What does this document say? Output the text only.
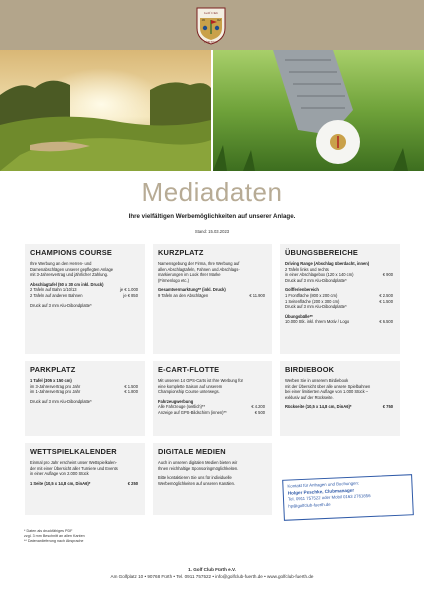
Golf Club
19	62
FÜRTH E.V.
Mediadaten
Ihre vielfältigen Werbemöglichkeiten auf unserer Anlage.
Stand: 15.03.2023
CHAMPIONS COURSE
Ihre Werbung an den Herren- und
Damenabschlägen unserer gepflegten Anlage
mit 3-Jahresvertrag und jährlicher Zahlung.
Abschlagtafel (50 x 30 cm inkl. Druck)
2 Tafeln auf Bahn 1/10/13	je € 1.000
2 Tafeln auf anderen Bahnen	je € 850
Druck auf 3 mm Alu-Dibondplatte*
KURZPLATZ
Namensgebung der Firma, Ihre Werbung auf
allen Abschlagtafeln, Fahnen und Abschlags-
markierungen im Look Ihrer Marke
(Firmenlogo etc.)
Gesamtvermarktung** (inkl. Druck)
9 Tafeln an den Abschlägen	€ 11.900
ÜBUNGSBEREICHE
Driving Range (Abschlag überdacht, innen)
2 Tafeln links und rechts
in einer Abschlagebox (120 x 140 cm)	€ 900
Druck auf 3 mm Alu-Dibondplatte*
Golfferienbereich
1 Frontfläche (800 x 200 cm)	€ 2.500
1 Seitenfläche (200 x 300 cm)	€ 1.500
Druck auf 3 mm Alu-Dibondplatte*
Übungsbälle**
10.000 Stk. inkl. Ihrem Motiv / Logo	€ 6.500
PARKPLATZ
1 Tafel (305 x 150 cm)
im 3-Jahresvertrag pro Jahr	€ 1.500
im 1-Jahresvertrag pro Jahr	€ 1.800
Druck auf 3 mm Alu-Dibondplatte*
E-CART-FLOTTE
Mit unseren 14 GPS-Carts ist Ihre Werbung für
eine komplette Saison auf unserem
Championship Course unterwegs.
Fahrzeugwerbung
Alle Fahrzeuge (seitlich)**	€ 4.200
Anzeige auf GPS-Bildschirm (innen)**	€ 500
BIRDIEBOOK
Werben Sie in unserem Birdiebook
mit der Übersicht über alle unsere Spielbahnen
bei einer limitierten Auflage von 1.000 Stück –
exklusiv auf der Rückseite.
Rückseite (10,5 x 14,8 cm, DinA6)*	€ 750
WETTSPIELKALENDER
Einmal pro Jahr erscheint unser Wettspielkalen-
der mit einer Übersicht aller Turniere und Events
in einer Auflage von 2.000 Stück
1 Seite (10,5 x 14,8 cm, DinA6)*	€ 250
DIGITALE MEDIEN
Auch in unseren digitalen Medien bieten wir
Ihnen reichhaltige Sponsoringmöglichkeiten.
Bitte kontaktieren Sie uns für individuelle
Werbemöglichkeiten auf unseren Kanälen.	Kontakt für Anfragen und Buchungen:
Holger Peschke, Clubmanager
Tel. 0911 757522 oder Mobil 0163 2761856
hp@golfclub-fuerth.de
* Daten als druckfähiges PDF
zzgl. 3 mm Beschnitt an allen Kanten
** Datenanlieferung nach Absprache
1. Golf Club Fürth e.V.
Am Golfplatz 10 • 90768 Fürth • Tel. 0911 757522 • info@golfclub-fuerth.de • www.golfclub-fuerth.de
